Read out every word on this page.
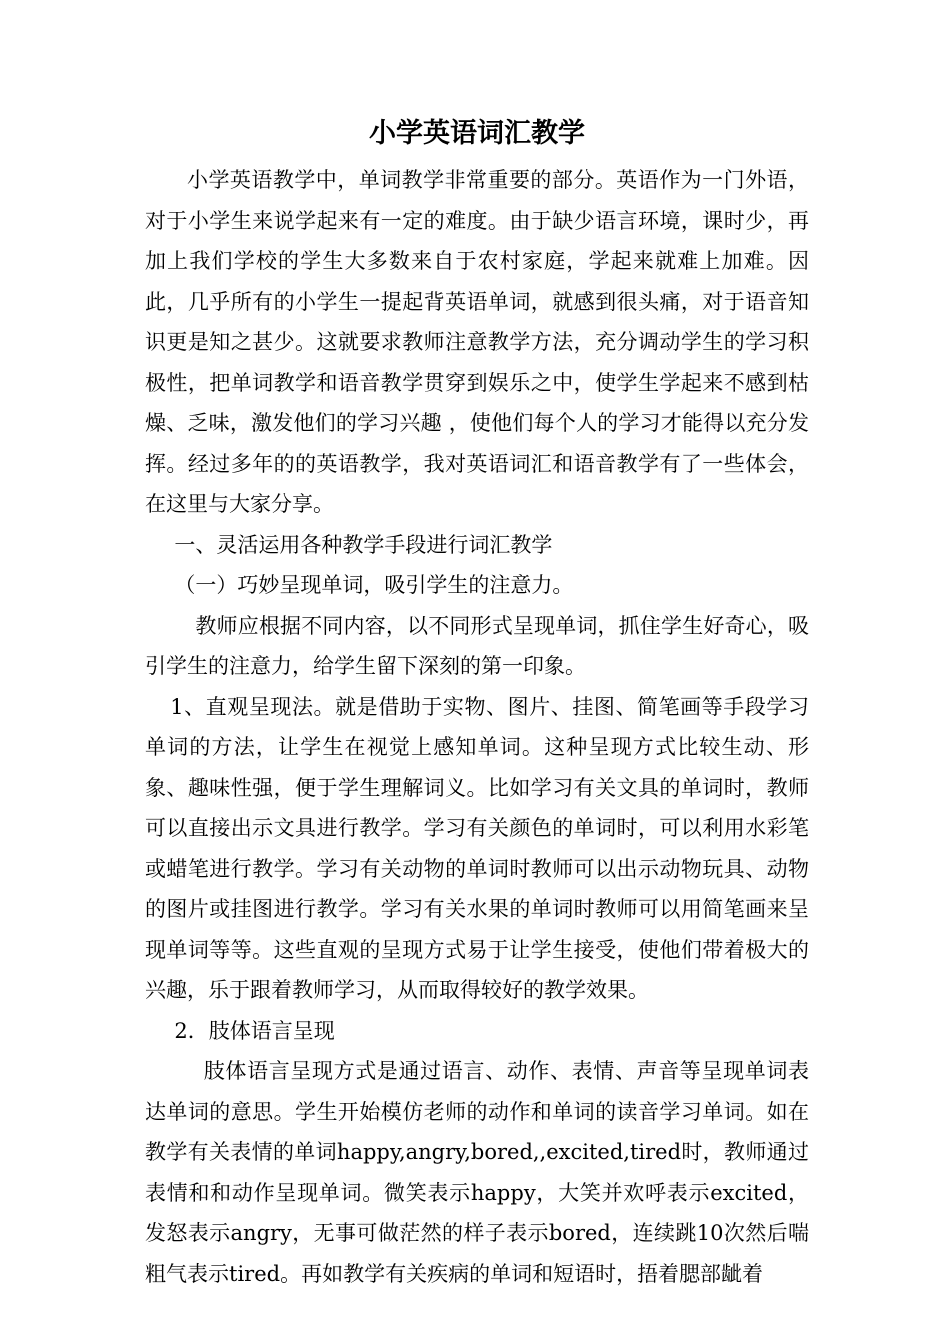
小学英语词汇教学

小学英语教学中，单词教学非常重要的部分。英语作为一门外语，对于小学生来说学起来有一定的难度。由于缺少语言环境，课时少，再加上我们学校的学生大多数来自于农村家庭，学起来就难上加难。因此，几乎所有的小学生一提起背英语单词，就感到很头痛，对于语音知识更是知之甚少。这就要求教师注意教学方法，充分调动学生的学习积极性，把单词教学和语音教学贯穿到娱乐之中，使学生学起来不感到枯燥、乏味，激发他们的学习兴趣 ，使他们每个人的学习才能得以充分发挥。经过多年的的英语教学，我对英语词汇和语音教学有了一些体会，在这里与大家分享。

一、灵活运用各种教学手段进行词汇教学

（一）巧妙呈现单词，吸引学生的注意力。

教师应根据不同内容，以不同形式呈现单词，抓住学生好奇心，吸引学生的注意力，给学生留下深刻的第一印象。

1、直观呈现法。就是借助于实物、图片、挂图、简笔画等手段学习单词的方法，让学生在视觉上感知单词。这种呈现方式比较生动、形象、趣味性强，便于学生理解词义。比如学习有关文具的单词时，教师可以直接出示文具进行教学。学习有关颜色的单词时，可以利用水彩笔或蜡笔进行教学。学习有关动物的单词时教师可以出示动物玩具、动物的图片或挂图进行教学。学习有关水果的单词时教师可以用简笔画来呈现单词等等。这些直观的呈现方式易于让学生接受，使他们带着极大的兴趣，乐于跟着教师学习，从而取得较好的教学效果。

2．肢体语言呈现

肢体语言呈现方式是通过语言、动作、表情、声音等呈现单词表达单词的意思。学生开始模仿老师的动作和单词的读音学习单词。如在教学有关表情的单词happy,angry,bored,,excited,tired时，教师通过表情和和动作呈现单词。微笑表示happy，大笑并欢呼表示excited，发怒表示angry，无事可做茫然的样子表示bored，连续跳10次然后喘粗气表示tired。再如教学有关疾病的单词和短语时，捂着腮部龇着
